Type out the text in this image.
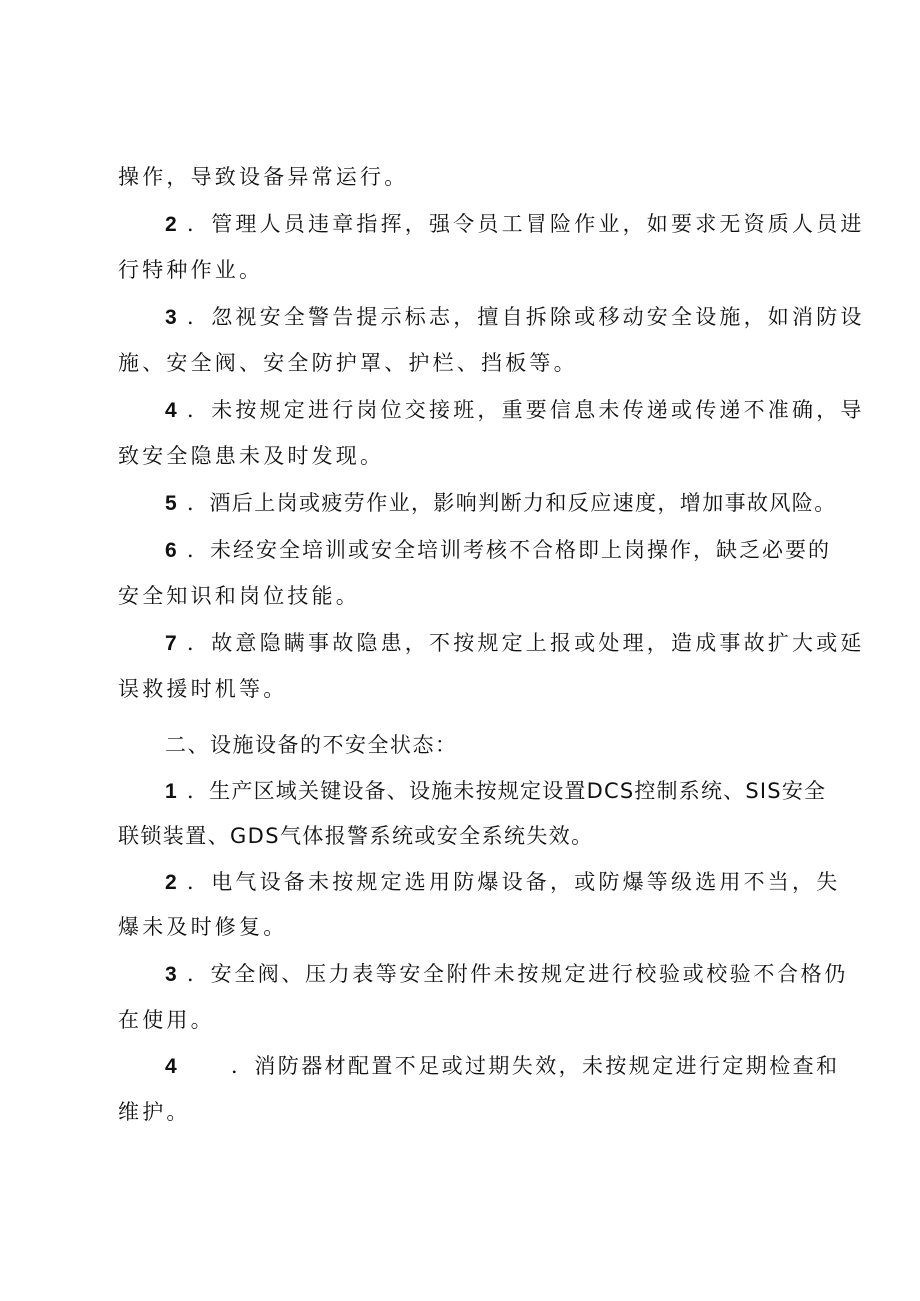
操作，导致设备异常运行。
2 ．管理人员违章指挥，强令员工冒险作业，如要求无资质人员进
行特种作业。
3 ．忽视安全警告提示标志，擅自拆除或移动安全设施，如消防设
施、安全阀、安全防护罩、护栏、挡板等。
4 ．未按规定进行岗位交接班，重要信息未传递或传递不准确，导
致安全隐患未及时发现。
5 ．酒后上岗或疲劳作业，影响判断力和反应速度，增加事故风险。
6 ．未经安全培训或安全培训考核不合格即上岗操作，缺乏必要的
安全知识和岗位技能。
7 ．故意隐瞒事故隐患，不按规定上报或处理，造成事故扩大或延
误救援时机等。
二、设施设备的不安全状态：
1 ．生产区域关键设备、设施未按规定设置DCS控制系统、SIS安全
联锁装置、GDS气体报警系统或安全系统失效。
2 ．电气设备未按规定选用防爆设备，或防爆等级选用不当，失
爆未及时修复。
3 ．安全阀、压力表等安全附件未按规定进行校验或校验不合格仍
在使用。
4	．消防器材配置不足或过期失效，未按规定进行定期检查和
维护。
